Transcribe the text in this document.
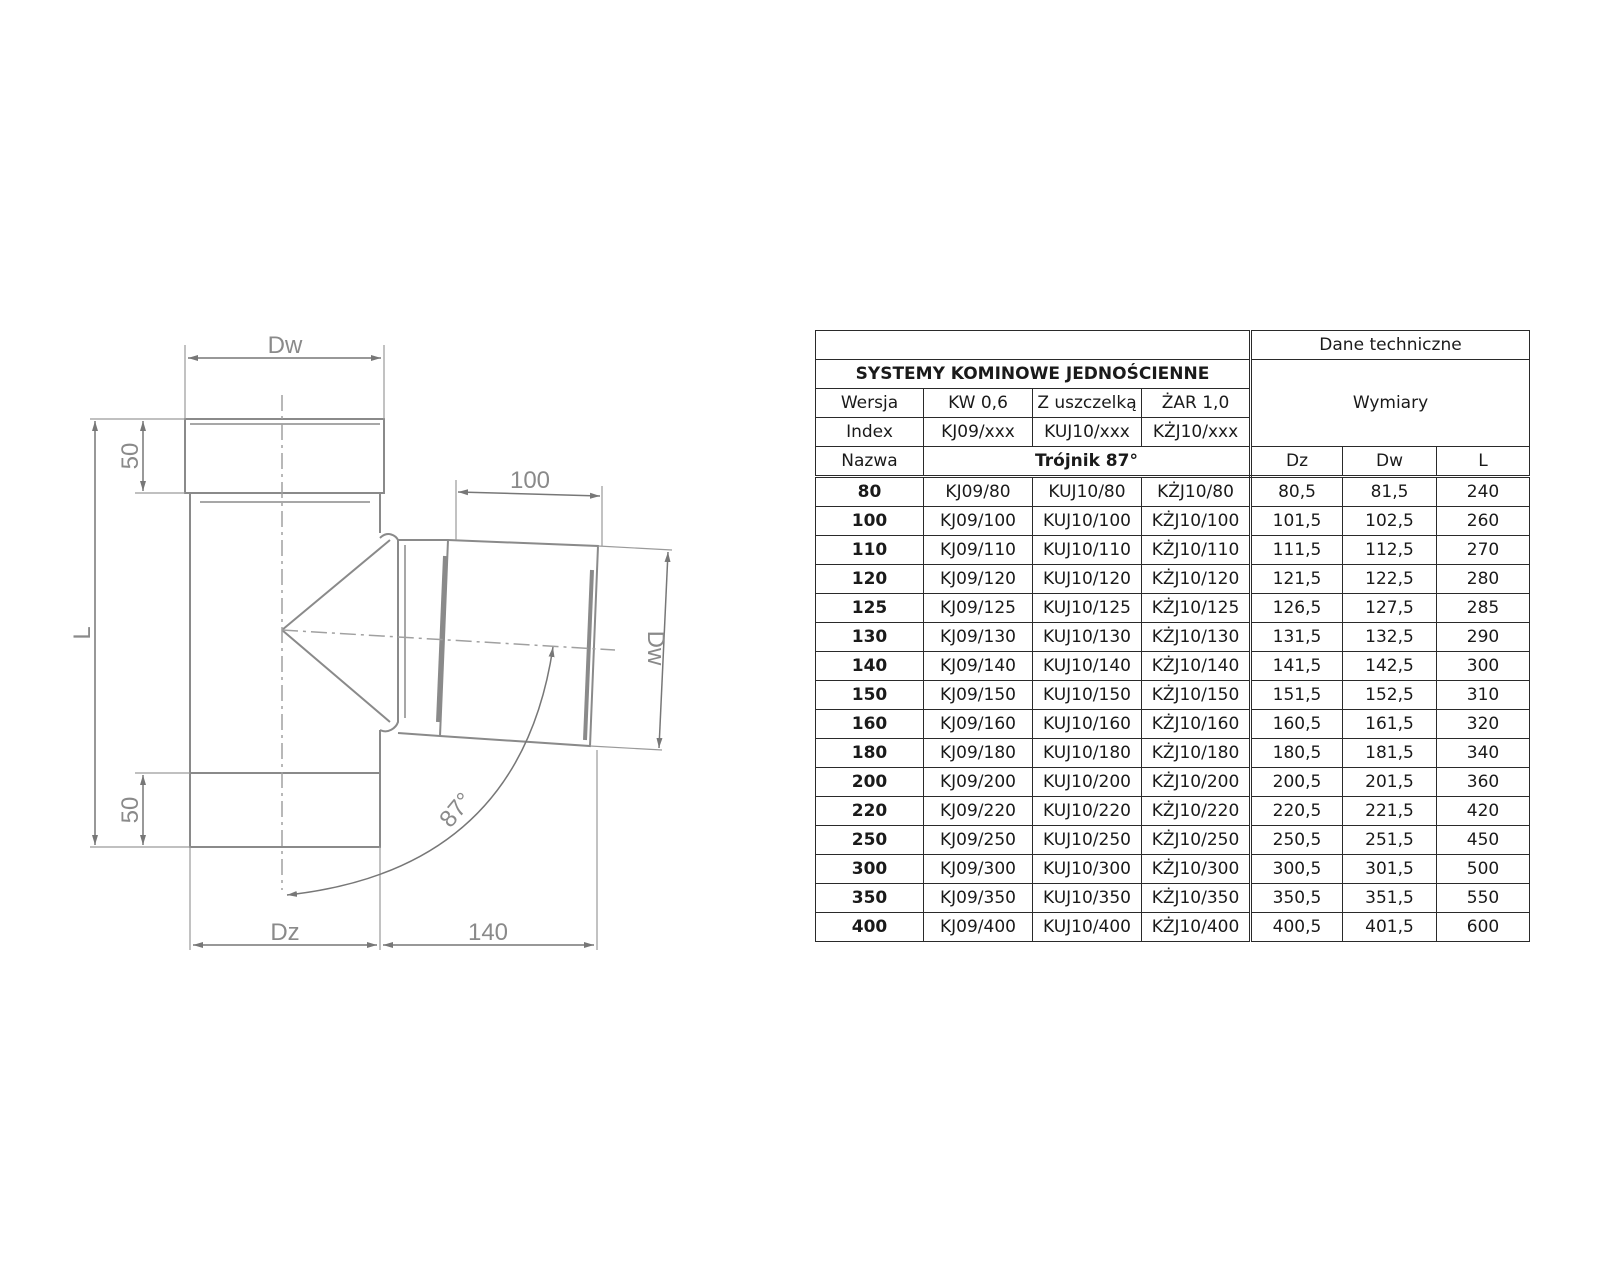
Dw
50
100
L	Dw
50	87°
Dz	140
				Dane techniczne		
SYSTEMY KOMINOWE JEDNOŚCIENNE				Wymiary		
Wersja	KW 0,6	Z uszczelką	ŻAR 1,0			
Index	KJ09/xxx	KUJ10/xxx	KŻJ10/xxx			
Nazwa	Trójnik 87°			Dz	Dw	L
80	KJ09/80	KUJ10/80	KŻJ10/80	80,5	81,5	240
100	KJ09/100	KUJ10/100	KŻJ10/100	101,5	102,5	260
110	KJ09/110	KUJ10/110	KŻJ10/110	111,5	112,5	270
120	KJ09/120	KUJ10/120	KŻJ10/120	121,5	122,5	280
125	KJ09/125	KUJ10/125	KŻJ10/125	126,5	127,5	285
130	KJ09/130	KUJ10/130	KŻJ10/130	131,5	132,5	290
140	KJ09/140	KUJ10/140	KŻJ10/140	141,5	142,5	300
150	KJ09/150	KUJ10/150	KŻJ10/150	151,5	152,5	310
160	KJ09/160	KUJ10/160	KŻJ10/160	160,5	161,5	320
180	KJ09/180	KUJ10/180	KŻJ10/180	180,5	181,5	340
200	KJ09/200	KUJ10/200	KŻJ10/200	200,5	201,5	360
220	KJ09/220	KUJ10/220	KŻJ10/220	220,5	221,5	420
250	KJ09/250	KUJ10/250	KŻJ10/250	250,5	251,5	450
300	KJ09/300	KUJ10/300	KŻJ10/300	300,5	301,5	500
350	KJ09/350	KUJ10/350	KŻJ10/350	350,5	351,5	550
400	KJ09/400	KUJ10/400	KŻJ10/400	400,5	401,5	600
